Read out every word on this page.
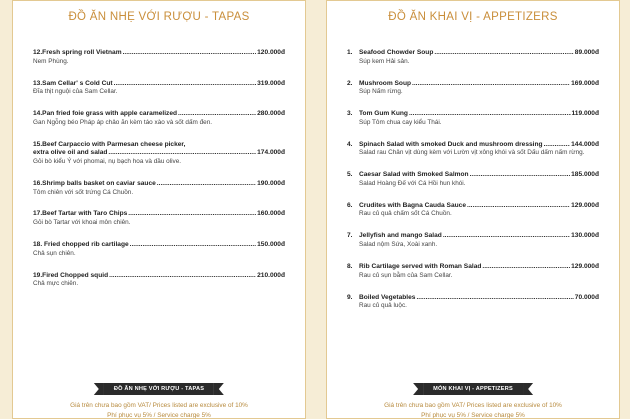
ĐỒ ĂN NHẸ VỚI RƯỢU - TAPAS
12.Fresh spring roll Vietnam .....	120.000đ
Nem Phùng.
13.Sam Cellar' s Cold Cut .....	319.000đ
Đĩa thịt nguội của Sam Cellar.
14.Pan fried foie grass with apple caramelized .....	280.000đ
Gan Ngỗng béo Pháp áp chảo ăn kèm táo xào và sốt dấm đen.
15.Beef Carpaccio with Parmesan cheese picker,
extra olive oil and salad .....	174.000đ
Gỏi bò kiểu Ý với phomai, nụ bạch hoa và dầu olive.
16.Shrimp balls basket on caviar sauce .....	190.000đ
Tôm chiên với sốt trứng Cá Chuồn.
17.Beef Tartar with Taro Chips .....	160.000đ
Gỏi bò Tartar với khoai môn chiên.
18. Fried chopped rib cartilage .....	150.000đ
Chả sụn chiên.
19.Fired Chopped squid .....	210.000đ
Chả mực chiên.
ĐỒ ĂN NHẸ VỚI RƯỢU - TAPAS
Giá trên chưa bao gồm VAT/ Prices listed are exclusive of 10%
Phí phục vụ 5% / Service charge 5%
ĐỒ ĂN KHAI VỊ - APPETIZERS
1. Seafood Chowder Soup .....	89.000đ
Súp kem Hải sản.
2. Mushroom Soup .....	169.000đ
Súp Nấm rừng.
3. Tom Gum Kung .....	119.000đ
Súp Tôm chua cay kiểu Thái.
4. Spinach Salad with smoked Duck and mushroom dressing .....	144.000đ
Salad rau Chân vịt dùng kèm với Lườn vịt xông khói và sốt Dấu dấm nấm rừng.
5. Caesar Salad with Smoked Salmon .....	185.000đ
Salad Hoàng Đế với Cá Hồi hun khói.
6. Crudites with Bagna Cauda Sauce .....	129.000đ
Rau củ quả chấm sốt Cá Chuồn.
7. Jellyfish and mango Salad .....	130.000đ
Salad nộm Sứa, Xoài xanh.
8. Rib Cartilage served with Roman Salad .....	129.000đ
Rau củ sụn bằm của Sam Cellar.
9. Boiled Vegetables .....	70.000đ
Rau củ quả luộc.
MÓN KHAI VỊ - APPETIZERS
Giá trên chưa bao gồm VAT/ Prices listed are exclusive of 10%
Phí phục vụ 5% / Service charge 5%
